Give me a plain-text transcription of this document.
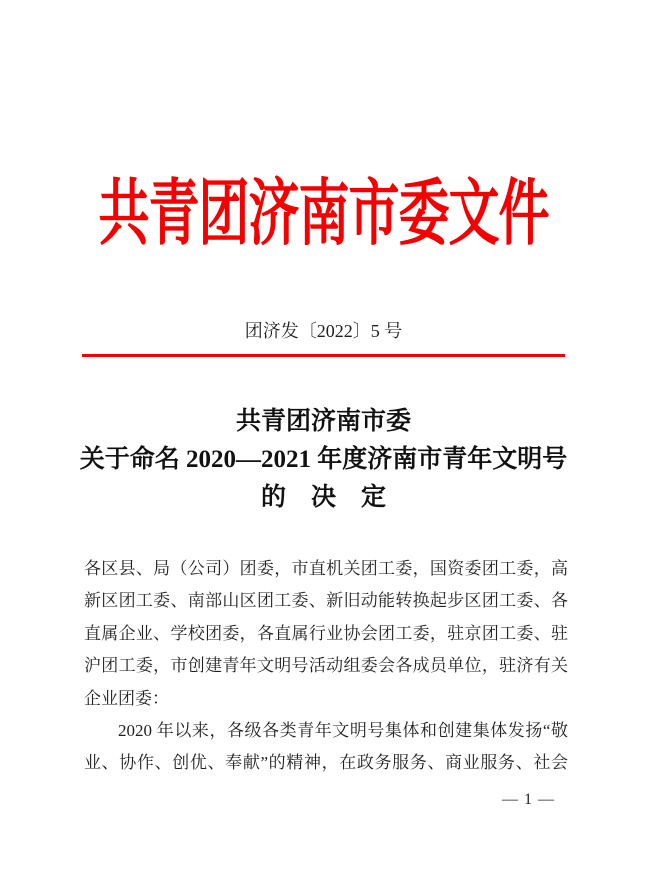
共青团济南市委文件
团济发〔2022〕5 号
共青团济南市委
关于命名 2020—2021 年度济南市青年文明号
的　决　定
各区县、局（公司）团委，市直机关团工委，国资委团工委，高
新区团工委、南部山区团工委、新旧动能转换起步区团工委、各
直属企业、学校团委，各直属行业协会团工委，驻京团工委、驻
沪团工委，市创建青年文明号活动组委会各成员单位，驻济有关
企业团委：
2020 年以来，各级各类青年文明号集体和创建集体发扬“敬
业、协作、创优、奉献”的精神，在政务服务、商业服务、社会
— 1 —
